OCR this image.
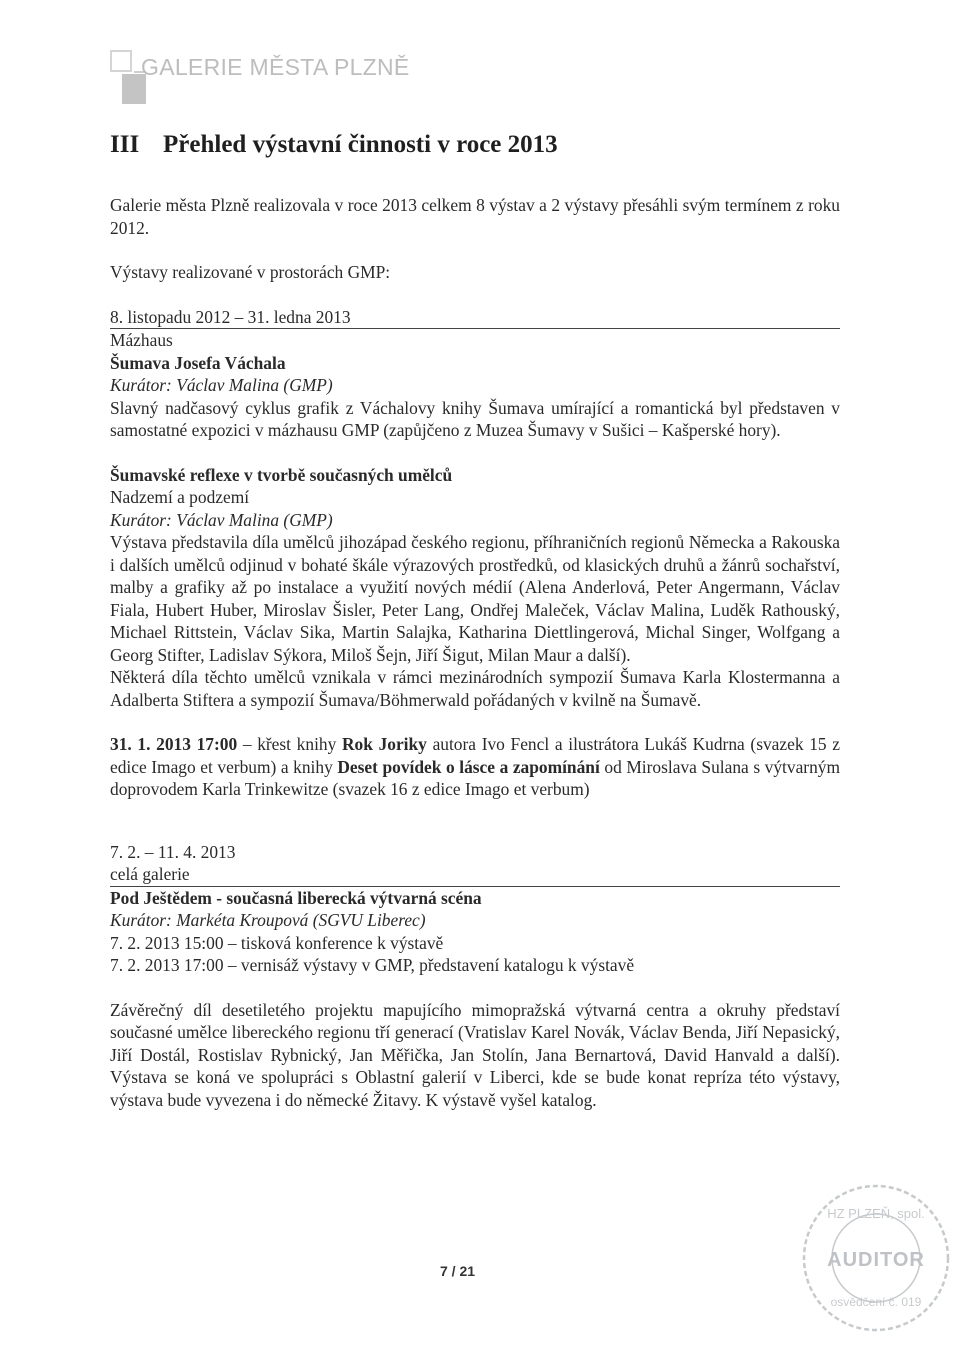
GALERIE MĚSTA PLZNĚ
III Přehled výstavní činnosti v roce 2013

Galerie města Plzně realizovala v roce 2013 celkem 8 výstav a 2 výstavy přesáhli svým termínem z roku 2012.

Výstavy realizované v prostorách GMP:

8. listopadu 2012 – 31. ledna 2013

Mázhaus

Šumava Josefa Váchala

Kurátor: Václav Malina (GMP)

Slavný nadčasový cyklus grafik z Váchalovy knihy Šumava umírající a romantická byl představen v samostatné expozici v mázhausu GMP (zapůjčeno z Muzea Šumavy v Sušici – Kašperské hory).

Šumavské reflexe v tvorbě současných umělců

Nadzemí a podzemí

Kurátor: Václav Malina (GMP)

Výstava představila díla umělců jihozápad českého regionu, příhraničních regionů Německa a Rakouska i dalších umělců odjinud v bohaté škále výrazových prostředků, od klasických druhů a žánrů sochařství, malby a grafiky až po instalace a využití nových médií (Alena Anderlová, Peter Angermann, Václav Fiala, Hubert Huber, Miroslav Šisler, Peter Lang, Ondřej Maleček, Václav Malina, Luděk Rathouský, Michael Rittstein, Václav Sika, Martin Salajka, Katharina Diettlingerová, Michal Singer, Wolfgang a Georg Stifter, Ladislav Sýkora, Miloš Šejn, Jiří Šigut, Milan Maur a další).

Některá díla těchto umělců vznikala v rámci mezinárodních sympozií Šumava Karla Klostermanna a Adalberta Stiftera a sympozií Šumava/Böhmerwald pořádaných v kvilně na Šumavě.

31. 1. 2013 17:00 – křest knihy Rok Joriky autora Ivo Fencl a ilustrátora Lukáš Kudrna (svazek 15 z edice Imago et verbum) a knihy Deset povídek o lásce a zapomínání od Miroslava Sulana s výtvarným doprovodem Karla Trinkewitze (svazek 16 z edice Imago et verbum)

7. 2. – 11. 4. 2013

celá galerie

Pod Ještědem - současná liberecká výtvarná scéna

Kurátor: Markéta Kroupová (SGVU Liberec)

7. 2. 2013 15:00 – tisková konference k výstavě

7. 2. 2013 17:00 – vernisáž výstavy v GMP, představení katalogu k výstavě

Závěrečný díl desetiletého projektu mapujícího mimopražská výtvarná centra a okruhy představí současné umělce libereckého regionu tří generací (Vratislav Karel Novák, Václav Benda, Jiří Nepasický, Jiří Dostál, Rostislav Rybnický, Jan Měřička, Jan Stolín, Jana Bernartová, David Hanvald a další). Výstava se koná ve spolupráci s Oblastní galerií v Liberci, kde se bude konat repríza této výstavy, výstava bude vyvezena i do německé Žitavy. K výstavě vyšel katalog.

7 / 21	AUDITOR
HZ PLZEŇ, spol.
osvědčení č. 019
